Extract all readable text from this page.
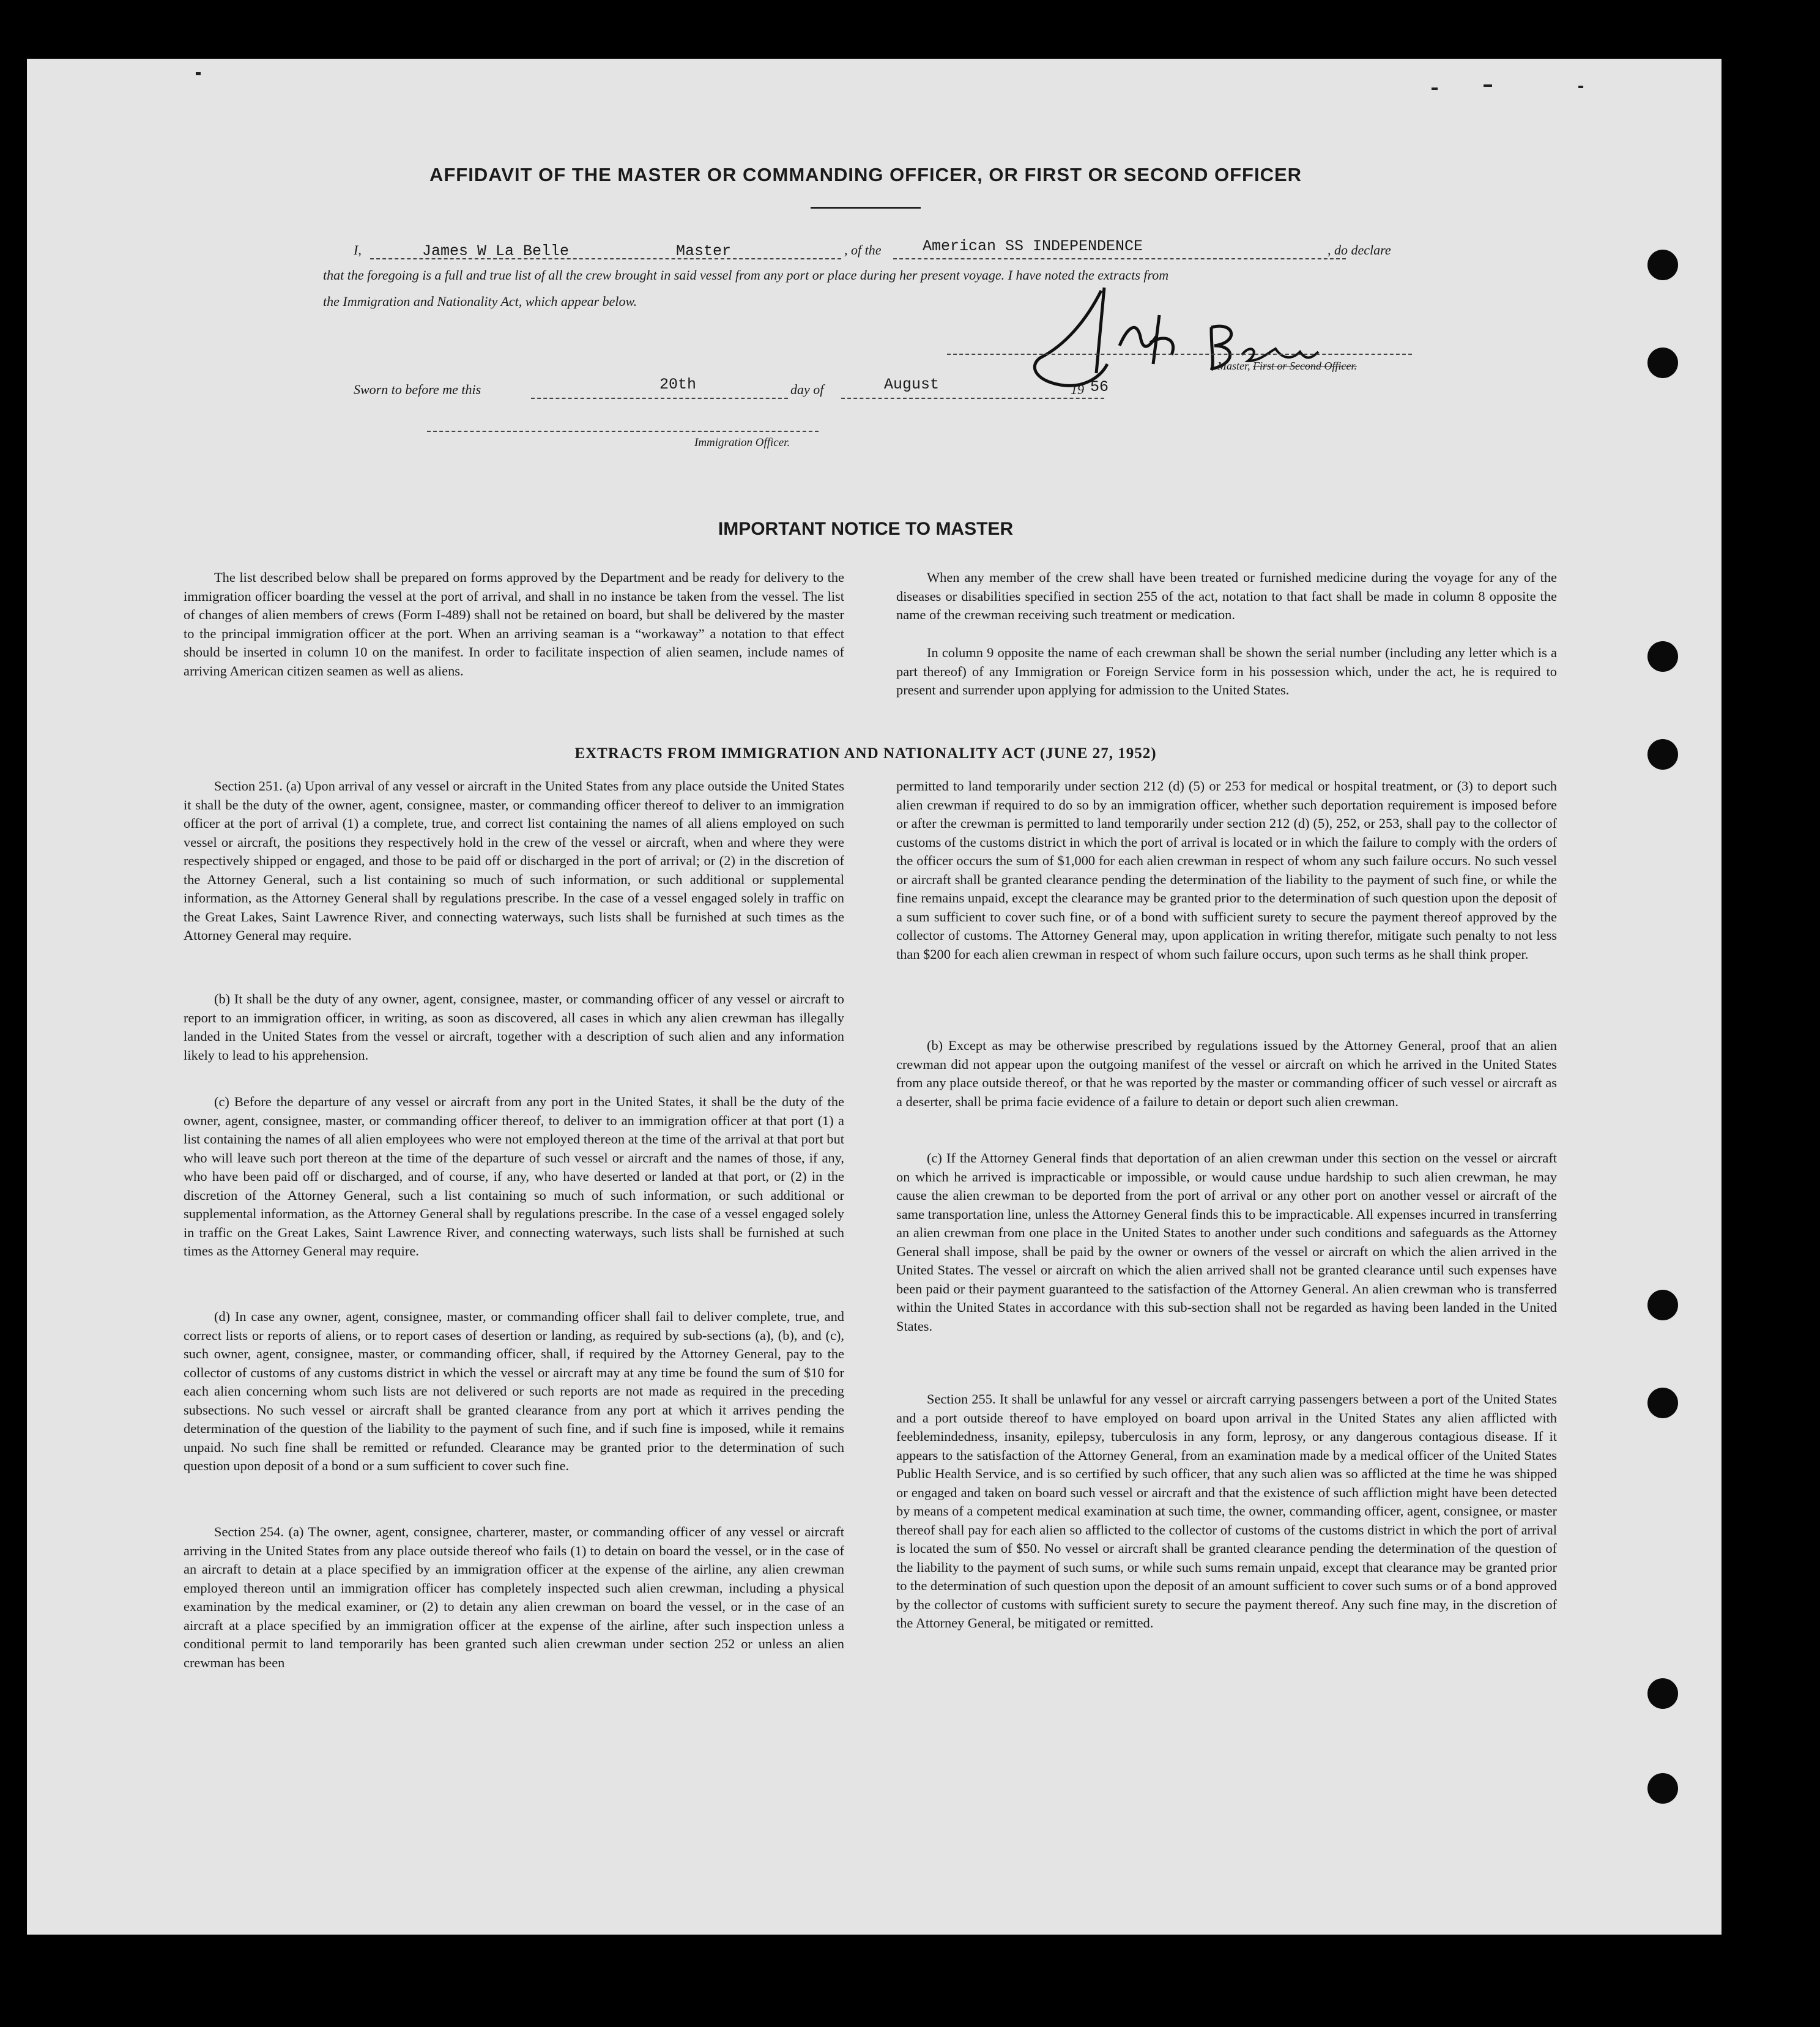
AFFIDAVIT OF THE MASTER OR COMMANDING OFFICER, OR FIRST OR SECOND OFFICER
I,	James W La Belle	Master	, of the	American SS INDEPENDENCE	, do declare
that the foregoing is a full and true list of all the crew brought in said vessel from any port or place during her present voyage. I have noted the extracts from
the Immigration and Nationality Act, which appear below.
Master, First or Second Officer.
Sworn to before me this	20th	day of	August	19 56
Immigration Officer.
IMPORTANT NOTICE TO MASTER

The list described below shall be prepared on forms approved by the Department and be ready for delivery to the immigration officer boarding the vessel at the port of arrival, and shall in no instance be taken from the vessel. The list of changes of alien members of crews (Form I-489) shall not be retained on board, but shall be delivered by the master to the principal immigration officer at the port. When an arriving seaman is a “workaway” a notation to that effect should be inserted in column 10 on the manifest. In order to facilitate inspection of alien seamen, include names of arriving American citizen seamen as well as aliens.

When any member of the crew shall have been treated or furnished medicine during the voyage for any of the diseases or disabilities specified in section 255 of the act, notation to that fact shall be made in column 8 opposite the name of the crewman receiving such treatment or medication.

In column 9 opposite the name of each crewman shall be shown the serial number (including any letter which is a part thereof) of any Immigration or Foreign Service form in his possession which, under the act, he is required to present and surrender upon applying for admission to the United States.

EXTRACTS FROM IMMIGRATION AND NATIONALITY ACT (JUNE 27, 1952)

Section 251. (a) Upon arrival of any vessel or aircraft in the United States from any place outside the United States it shall be the duty of the owner, agent, consignee, master, or commanding officer thereof to deliver to an immigration officer at the port of arrival (1) a complete, true, and correct list containing the names of all aliens employed on such vessel or aircraft, the positions they respectively hold in the crew of the vessel or aircraft, when and where they were respectively shipped or engaged, and those to be paid off or discharged in the port of arrival; or (2) in the discretion of the Attorney General, such a list containing so much of such information, or such additional or supplemental information, as the Attorney General shall by regulations prescribe. In the case of a vessel engaged solely in traffic on the Great Lakes, Saint Lawrence River, and connecting waterways, such lists shall be furnished at such times as the Attorney General may require.

(b) It shall be the duty of any owner, agent, consignee, master, or commanding officer of any vessel or aircraft to report to an immigration officer, in writing, as soon as discovered, all cases in which any alien crewman has illegally landed in the United States from the vessel or aircraft, together with a description of such alien and any information likely to lead to his apprehension.

(c) Before the departure of any vessel or aircraft from any port in the United States, it shall be the duty of the owner, agent, consignee, master, or commanding officer thereof, to deliver to an immigration officer at that port (1) a list containing the names of all alien employees who were not employed thereon at the time of the arrival at that port but who will leave such port thereon at the time of the departure of such vessel or aircraft and the names of those, if any, who have been paid off or discharged, and of course, if any, who have deserted or landed at that port, or (2) in the discretion of the Attorney General, such a list containing so much of such information, or such additional or supplemental information, as the Attorney General shall by regulations prescribe. In the case of a vessel engaged solely in traffic on the Great Lakes, Saint Lawrence River, and connecting waterways, such lists shall be furnished at such times as the Attorney General may require.

(d) In case any owner, agent, consignee, master, or commanding officer shall fail to deliver complete, true, and correct lists or reports of aliens, or to report cases of desertion or landing, as required by sub-sections (a), (b), and (c), such owner, agent, consignee, master, or commanding officer, shall, if required by the Attorney General, pay to the collector of customs of any customs district in which the vessel or aircraft may at any time be found the sum of $10 for each alien concerning whom such lists are not delivered or such reports are not made as required in the preceding subsections. No such vessel or aircraft shall be granted clearance from any port at which it arrives pending the determination of the question of the liability to the payment of such fine, and if such fine is imposed, while it remains unpaid. No such fine shall be remitted or refunded. Clearance may be granted prior to the determination of such question upon deposit of a bond or a sum sufficient to cover such fine.

Section 254. (a) The owner, agent, consignee, charterer, master, or commanding officer of any vessel or aircraft arriving in the United States from any place outside thereof who fails (1) to detain on board the vessel, or in the case of an aircraft to detain at a place specified by an immigration officer at the expense of the airline, any alien crewman employed thereon until an immigration officer has completely inspected such alien crewman, including a physical examination by the medical examiner, or (2) to detain any alien crewman on board the vessel, or in the case of an aircraft at a place specified by an immigration officer at the expense of the airline, after such inspection unless a conditional permit to land temporarily has been granted such alien crewman under section 252 or unless an alien crewman has been

permitted to land temporarily under section 212 (d) (5) or 253 for medical or hospital treatment, or (3) to deport such alien crewman if required to do so by an immigration officer, whether such deportation requirement is imposed before or after the crewman is permitted to land temporarily under section 212 (d) (5), 252, or 253, shall pay to the collector of customs of the customs district in which the port of arrival is located or in which the failure to comply with the orders of the officer occurs the sum of $1,000 for each alien crewman in respect of whom any such failure occurs. No such vessel or aircraft shall be granted clearance pending the determination of the liability to the payment of such fine, or while the fine remains unpaid, except the clearance may be granted prior to the determination of such question upon the deposit of a sum sufficient to cover such fine, or of a bond with sufficient surety to secure the payment thereof approved by the collector of customs. The Attorney General may, upon application in writing therefor, mitigate such penalty to not less than $200 for each alien crewman in respect of whom such failure occurs, upon such terms as he shall think proper.

(b) Except as may be otherwise prescribed by regulations issued by the Attorney General, proof that an alien crewman did not appear upon the outgoing manifest of the vessel or aircraft on which he arrived in the United States from any place outside thereof, or that he was reported by the master or commanding officer of such vessel or aircraft as a deserter, shall be prima facie evidence of a failure to detain or deport such alien crewman.

(c) If the Attorney General finds that deportation of an alien crewman under this section on the vessel or aircraft on which he arrived is impracticable or impossible, or would cause undue hardship to such alien crewman, he may cause the alien crewman to be deported from the port of arrival or any other port on another vessel or aircraft of the same transportation line, unless the Attorney General finds this to be impracticable. All expenses incurred in transferring an alien crewman from one place in the United States to another under such conditions and safeguards as the Attorney General shall impose, shall be paid by the owner or owners of the vessel or aircraft on which the alien arrived in the United States. The vessel or aircraft on which the alien arrived shall not be granted clearance until such expenses have been paid or their payment guaranteed to the satisfaction of the Attorney General. An alien crewman who is transferred within the United States in accordance with this sub-section shall not be regarded as having been landed in the United States.

Section 255. It shall be unlawful for any vessel or aircraft carrying passengers between a port of the United States and a port outside thereof to have employed on board upon arrival in the United States any alien afflicted with feeblemindedness, insanity, epilepsy, tuberculosis in any form, leprosy, or any dangerous contagious disease. If it appears to the satisfaction of the Attorney General, from an examination made by a medical officer of the United States Public Health Service, and is so certified by such officer, that any such alien was so afflicted at the time he was shipped or engaged and taken on board such vessel or aircraft and that the existence of such affliction might have been detected by means of a competent medical examination at such time, the owner, commanding officer, agent, consignee, or master thereof shall pay for each alien so afflicted to the collector of customs of the customs district in which the port of arrival is located the sum of $50. No vessel or aircraft shall be granted clearance pending the determination of the question of the liability to the payment of such sums, or while such sums remain unpaid, except that clearance may be granted prior to the determination of such question upon the deposit of an amount sufficient to cover such sums or of a bond approved by the collector of customs with sufficient surety to secure the payment thereof. Any such fine may, in the discretion of the Attorney General, be mitigated or remitted.
